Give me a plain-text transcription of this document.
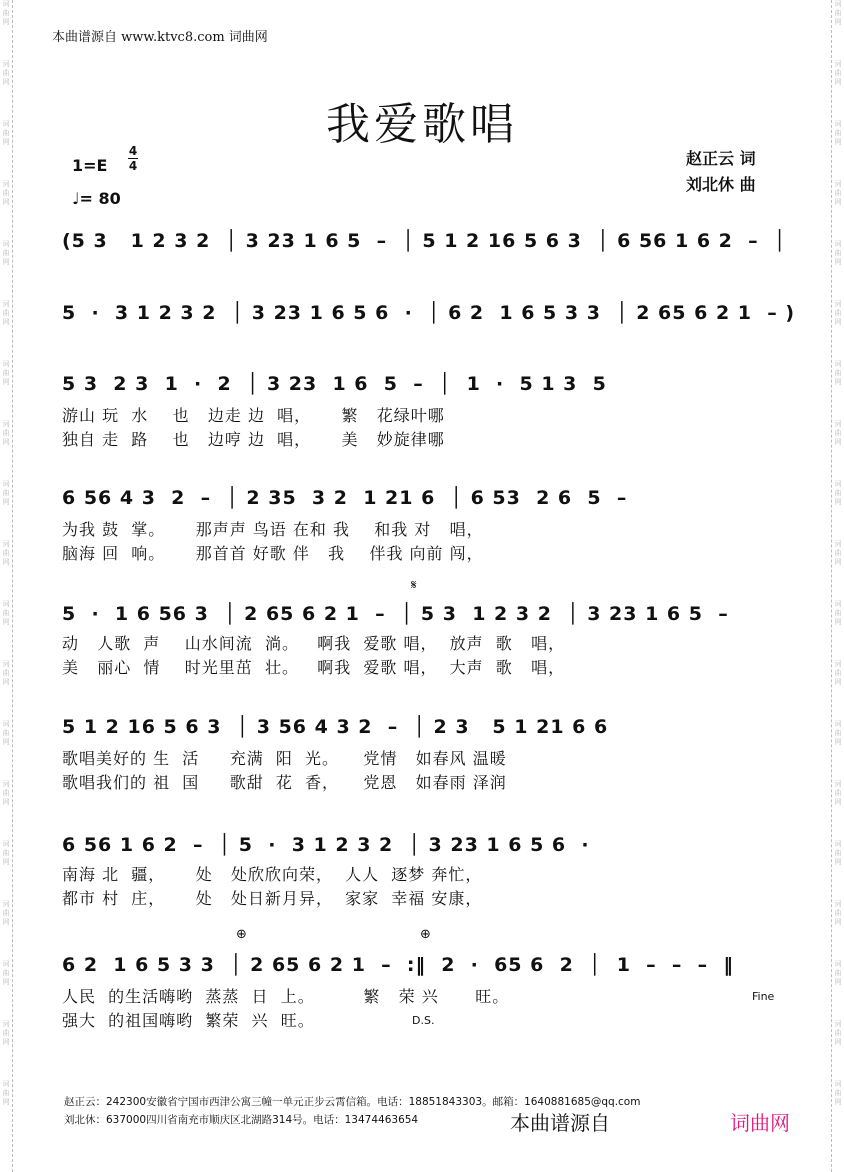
词
曲
网
词
曲
网
词
曲
网
词
曲
网
词
曲
网
词
曲
网
词
曲
网
词
曲
网
词
曲
网
词
曲
网
词
曲
网
词
曲
网
词
曲
网
词
曲
网
词
曲
网
词
曲
网
词
曲
网
词
曲
网
词
曲
网
词
曲
网
词
曲
网
词
曲
网
词
曲
网
词
曲
网
词
曲
网
词
曲
网
词
曲
网
词
曲
网
词
曲
网
词
曲
网
词
曲
网
词
曲
网
词
曲
网
词
曲
网
词
曲
网
词
曲
网
词
曲
网
词
曲
网
本曲谱源自 www.ktvc8.com 词曲网
我爱歌唱
1=E
4
4
♩= 80
赵正云 词
刘北休 曲
(5 3   1 2 3 2  │ 3 23 1 6 5  –  │ 5 1 2 16 5 6 3  │ 6 56 1 6 2  –  │
5  ·  3 1 2 3 2  │ 3 23 1 6 5 6  ·  │ 6 2  1 6 5 3 3  │ 2 65 6 2 1  – )
5 3  2 3  1  ·  2  │ 3 23  1 6  5  –  │  1  ·  5 1 3  5
游山 玩  水    也   边走 边  唱，     繁   花绿叶哪
独自 走  路    也   边哼 边  唱，     美   妙旋律哪
6 56 4 3  2  –  │ 2 35  3 2  1 21 6  │ 6 53  2 6  5  –
为我 鼓  掌。     那声声 鸟语 在和 我    和我 对   唱，
脑海 回  响。     那首首 好歌 伴   我    伴我 向前 闯，
𝄋
5  ·  1 6 56 3  │ 2 65 6 2 1  –  │ 5 3  1 2 3 2  │ 3 23 1 6 5  –
动   人歌  声    山水间流  淌。   啊我  爱歌 唱，  放声  歌   唱，
美   丽心  情    时光里茁  壮。   啊我  爱歌 唱，  大声  歌   唱，
5 1 2 16 5 6 3  │ 3 56 4 3 2  –  │ 2 3   5 1 21 6 6
歌唱美好的 生  活     充满  阳  光。    党情   如春风 温暖
歌唱我们的 祖  国     歌甜  花  香，    党恩   如春雨 泽润
6 56 1 6 2  –  │ 5  ·  3 1 2 3 2  │ 3 23 1 6 5 6  ·
南海 北  疆，     处   处欣欣向荣，  人人  逐梦 奔忙，
都市 村  庄，     处   处日新月异，  家家  幸福 安康，
⊕	⊕
6 2  1 6 5 3 3  │ 2 65 6 2 1  –  :‖  2  ·  65 6  2  │  1  –  –  –  ‖
人民  的生活嗨哟  蒸蒸  日  上。        繁   荣 兴      旺。
强大  的祖国嗨哟  繁荣  兴  旺。
Fine
D.S.
赵正云：242300安徽省宁国市西津公寓三幢一单元正步云霄信箱。电话：18851843303。邮箱：1640881685@qq.com
刘北休：637000四川省南充市顺庆区北湖路314号。电话：13474463654	本曲谱源自	词曲网
